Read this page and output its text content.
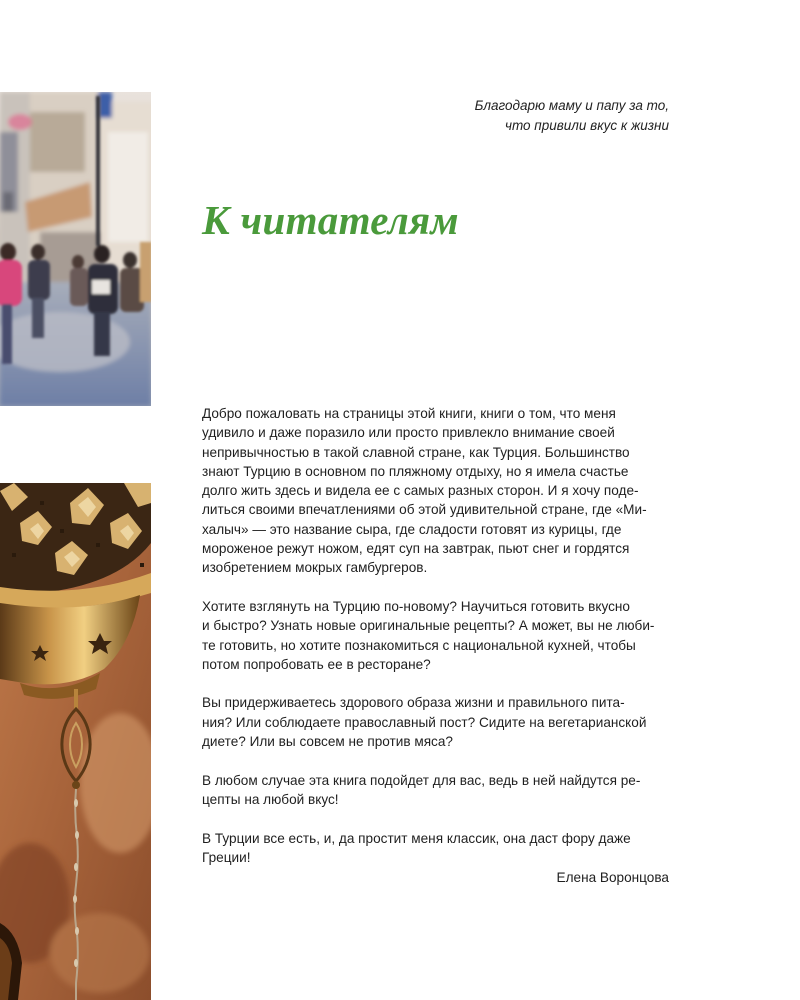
Благодарю маму и папу за то,
что привили вкус к жизни
К читателям
Добро пожаловать на страницы этой книги, книги о том, что меня
удивило и даже поразило или просто привлекло внимание своей
непривычностью в такой славной стране, как Турция. Большинство
знают Турцию в основном по пляжному отдыху, но я имела счастье
долго жить здесь и видела ее с самых разных сторон. И я хочу поде-
литься своими впечатлениями об этой удивительной стране, где «Ми-
халыч» — это название сыра, где сладости готовят из курицы, где
мороженое режут ножом, едят суп на завтрак, пьют снег и гордятся
изобретением мокрых гамбургеров.
Хотите взглянуть на Турцию по-новому? Научиться готовить вкусно
и быстро? Узнать новые оригинальные рецепты? А может, вы не люби-
те готовить, но хотите познакомиться с национальной кухней, чтобы
потом попробовать ее в ресторане?
Вы придерживаетесь здорового образа жизни и правильного пита-
ния? Или соблюдаете православный пост? Сидите на вегетарианской
диете? Или вы совсем не против мяса?
В любом случае эта книга подойдет для вас, ведь в ней найдутся ре-
цепты на любой вкус!
В Турции все есть, и, да простит меня классик, она даст фору даже
Греции!
Елена Воронцова
